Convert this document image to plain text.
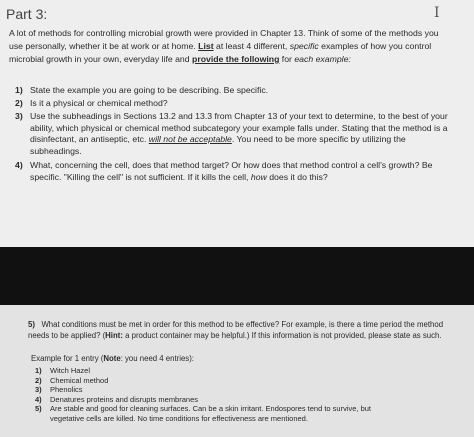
Part 3:	I
A lot of methods for controlling microbial growth were provided in Chapter 13. Think of some of the methods you use personally, whether it be at work or at home. List at least 4 different, specific examples of how you control microbial growth in your own, everyday life and provide the following for each example:
1) State the example you are going to be describing. Be specific.
2) Is it a physical or chemical method?
3) Use the subheadings in Sections 13.2 and 13.3 from Chapter 13 of your text to determine, to the best of your ability, which physical or chemical method subcategory your example falls under. Stating that the method is a disinfectant, an antiseptic, etc. will not be acceptable. You need to be more specific by utilizing the subheadings.
4) What, concerning the cell, does that method target? Or how does that method control a cell's growth? Be specific. "Killing the cell" is not sufficient. If it kills the cell, how does it do this?
5) What conditions must be met in order for this method to be effective? For example, is there a time period the method needs to be applied? (Hint: a product container may be helpful.) If this information is not provided, please state as such.
Example for 1 entry (Note: you need 4 entries):
1) Witch Hazel
2) Chemical method
3) Phenolics
4) Denatures proteins and disrupts membranes
5) Are stable and good for cleaning surfaces. Can be a skin irritant. Endospores tend to survive, but
vegetative cells are killed. No time conditions for effectiveness are mentioned.
